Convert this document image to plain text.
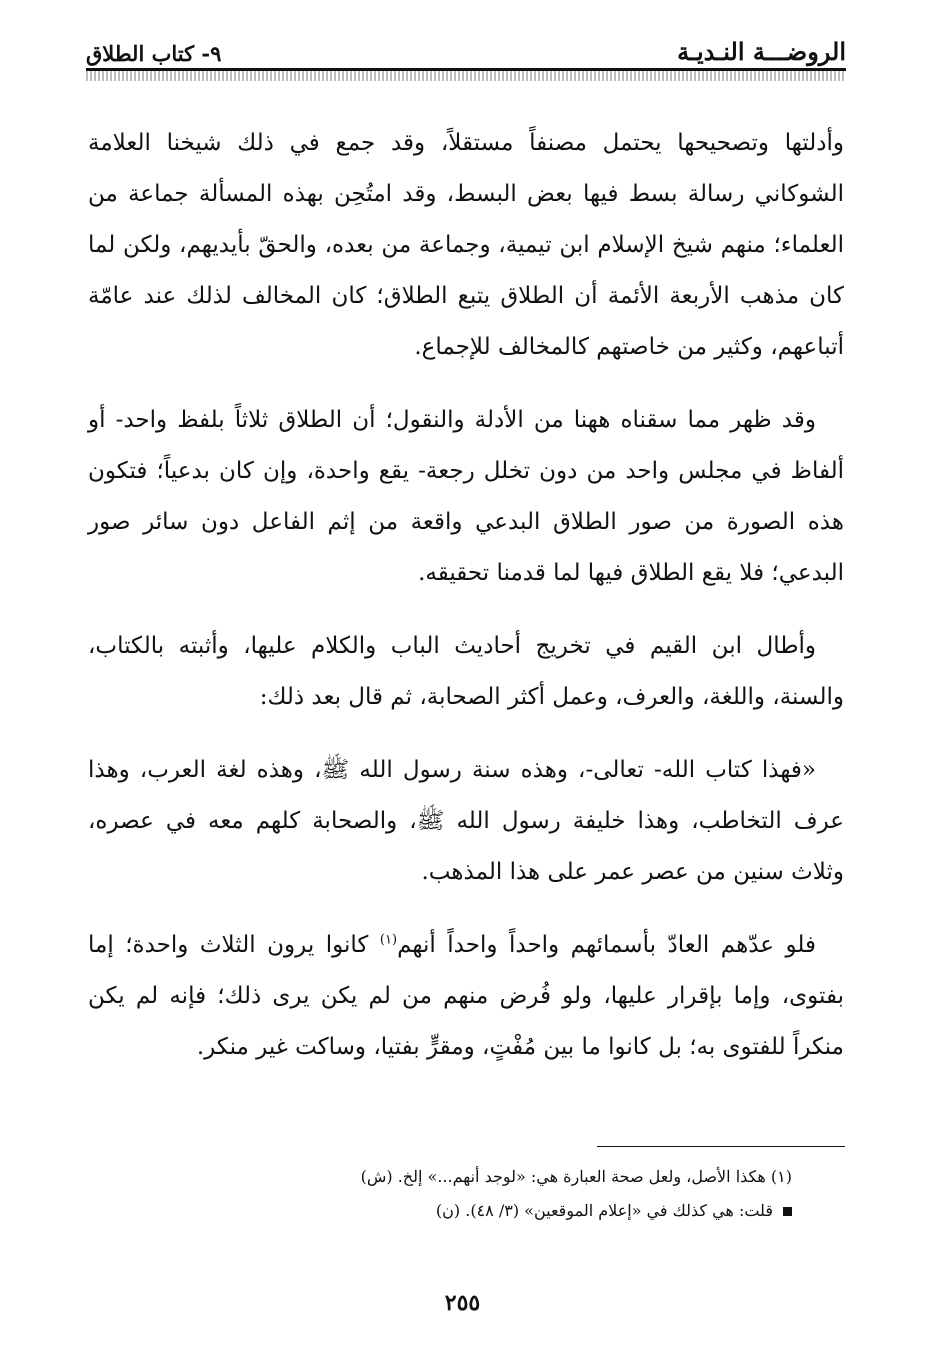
الروضـــة النـديـة
٩- كتاب الطلاق

وأدلتها وتصحيحها يحتمل مصنفاً مستقلاً، وقد جمع في ذلك شيخنا العلامة الشوكاني رسالة بسط فيها بعض البسط، وقد امتُحِن بهذه المسألة جماعة من العلماء؛ منهم شيخ الإسلام ابن تيمية، وجماعة من بعده، والحقّ بأيديهم، ولكن لما كان مذهب الأربعة الأئمة أن الطلاق يتبع الطلاق؛ كان المخالف لذلك عند عامّة أتباعهم، وكثير من خاصتهم كالمخالف للإجماع.

وقد ظهر مما سقناه ههنا من الأدلة والنقول؛ أن الطلاق ثلاثاً بلفظ واحد- أو ألفاظ في مجلس واحد من دون تخلل رجعة- يقع واحدة، وإن كان بدعياً؛ فتكون هذه الصورة من صور الطلاق البدعي واقعة من إثم الفاعل دون سائر صور البدعي؛ فلا يقع الطلاق فيها لما قدمنا تحقيقه.

وأطال ابن القيم في تخريج أحاديث الباب والكلام عليها، وأثبته بالكتاب، والسنة، واللغة، والعرف، وعمل أكثر الصحابة، ثم قال بعد ذلك:

«فهذا كتاب الله- تعالى-، وهذه سنة رسول الله ﷺ، وهذه لغة العرب، وهذا عرف التخاطب، وهذا خليفة رسول الله ﷺ، والصحابة كلهم معه في عصره، وثلاث سنين من عصر عمر على هذا المذهب.

فلو عدّهم العادّ بأسمائهم واحداً واحداً أنهم$^{(١)}$ كانوا يرون الثلاث واحدة؛ إما بفتوى، وإما بإقرار عليها، ولو فُرض منهم من لم يكن يرى ذلك؛ فإنه لم يكن منكراً للفتوى به؛ بل كانوا ما بين مُفْتٍ، ومقرٍّ بفتيا، وساكت غير منكر.

(١) هكذا الأصل، ولعل صحة العبارة هي: «لوجد أنهم...» إلخ. (ش)

قلت: هي كذلك في «إعلام الموقعين» (٣/ ٤٨). (ن)

٢٥٥
